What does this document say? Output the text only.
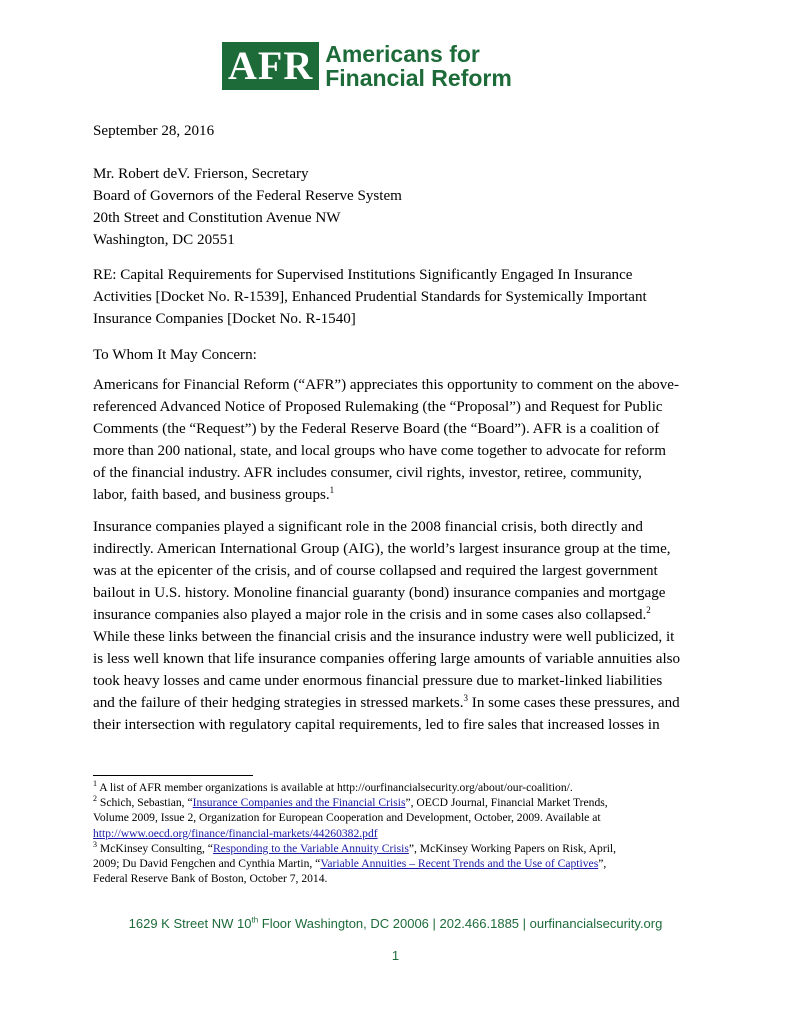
AFR Americans for
Financial Reform
September 28, 2016
Mr. Robert deV. Frierson, Secretary
Board of Governors of the Federal Reserve System
20th Street and Constitution Avenue NW
Washington, DC 20551
RE: Capital Requirements for Supervised Institutions Significantly Engaged In Insurance
Activities [Docket No. R-1539], Enhanced Prudential Standards for Systemically Important
Insurance Companies [Docket No. R-1540]
To Whom It May Concern:
Americans for Financial Reform (“AFR”) appreciates this opportunity to comment on the above-
referenced Advanced Notice of Proposed Rulemaking (the “Proposal”) and Request for Public
Comments (the “Request”) by the Federal Reserve Board (the “Board”). AFR is a coalition of
more than 200 national, state, and local groups who have come together to advocate for reform
of the financial industry. AFR includes consumer, civil rights, investor, retiree, community,
labor, faith based, and business groups.$^1$
Insurance companies played a significant role in the 2008 financial crisis, both directly and
indirectly. American International Group (AIG), the world’s largest insurance group at the time,
was at the epicenter of the crisis, and of course collapsed and required the largest government
bailout in U.S. history. Monoline financial guaranty (bond) insurance companies and mortgage
insurance companies also played a major role in the crisis and in some cases also collapsed.$^2$
While these links between the financial crisis and the insurance industry were well publicized, it
is less well known that life insurance companies offering large amounts of variable annuities also
took heavy losses and came under enormous financial pressure due to market-linked liabilities
and the failure of their hedging strategies in stressed markets.$^3$ In some cases these pressures, and
their intersection with regulatory capital requirements, led to fire sales that increased losses in
$^1$ A list of AFR member organizations is available at http://ourfinancialsecurity.org/about/our-coalition/.
$^2$ Schich, Sebastian, “Insurance Companies and the Financial Crisis”, OECD Journal, Financial Market Trends,
Volume 2009, Issue 2, Organization for European Cooperation and Development, October, 2009. Available at
http://www.oecd.org/finance/financial-markets/44260382.pdf
$^3$ McKinsey Consulting, “Responding to the Variable Annuity Crisis”, McKinsey Working Papers on Risk, April,
2009; Du David Fengchen and Cynthia Martin, “Variable Annuities – Recent Trends and the Use of Captives”,
Federal Reserve Bank of Boston, October 7, 2014.
1629 K Street NW 10th Floor Washington, DC 20006 | 202.466.1885 | ourfinancialsecurity.org
1
